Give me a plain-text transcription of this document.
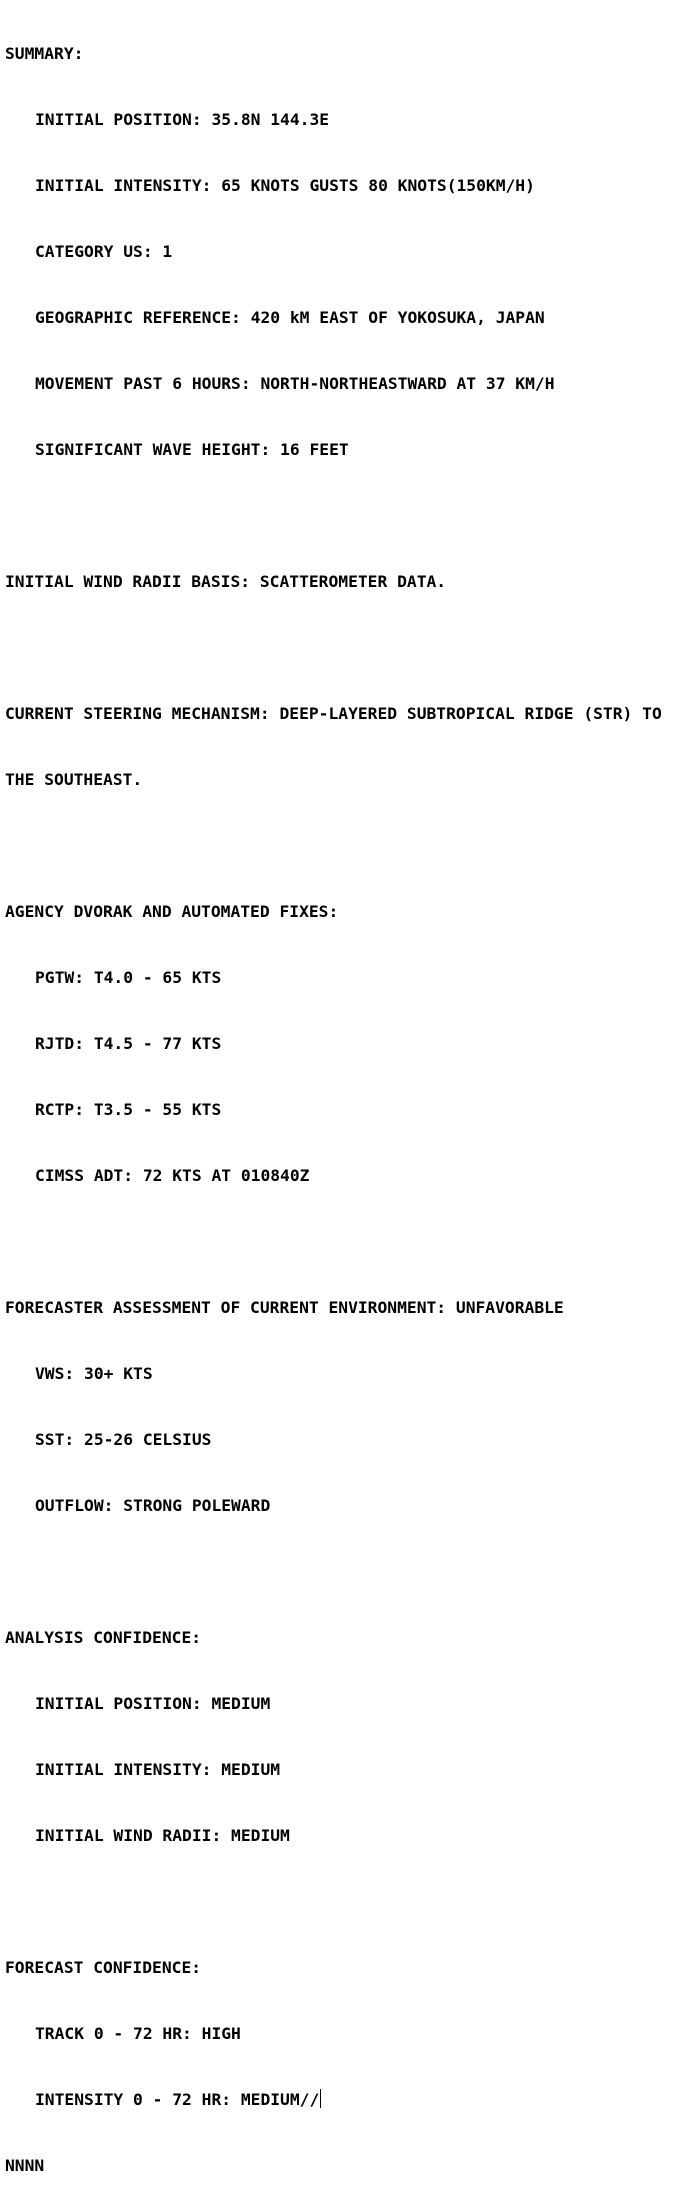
SUMMARY:

INITIAL POSITION: 35.8N 144.3E

INITIAL INTENSITY: 65 KNOTS GUSTS 80 KNOTS(150KM/H)

CATEGORY US: 1

GEOGRAPHIC REFERENCE: 420 kM EAST OF YOKOSUKA, JAPAN

MOVEMENT PAST 6 HOURS: NORTH-NORTHEASTWARD AT 37 KM/H

SIGNIFICANT WAVE HEIGHT: 16 FEET

INITIAL WIND RADII BASIS: SCATTEROMETER DATA.

CURRENT STEERING MECHANISM: DEEP-LAYERED SUBTROPICAL RIDGE (STR) TO

THE SOUTHEAST.

AGENCY DVORAK AND AUTOMATED FIXES:

PGTW: T4.0 - 65 KTS

RJTD: T4.5 - 77 KTS

RCTP: T3.5 - 55 KTS

CIMSS ADT: 72 KTS AT 010840Z

FORECASTER ASSESSMENT OF CURRENT ENVIRONMENT: UNFAVORABLE

VWS: 30+ KTS

SST: 25-26 CELSIUS

OUTFLOW: STRONG POLEWARD

ANALYSIS CONFIDENCE:

INITIAL POSITION: MEDIUM

INITIAL INTENSITY: MEDIUM

INITIAL WIND RADII: MEDIUM

FORECAST CONFIDENCE:

TRACK 0 - 72 HR: HIGH

INTENSITY 0 - 72 HR: MEDIUM//

NNNN
